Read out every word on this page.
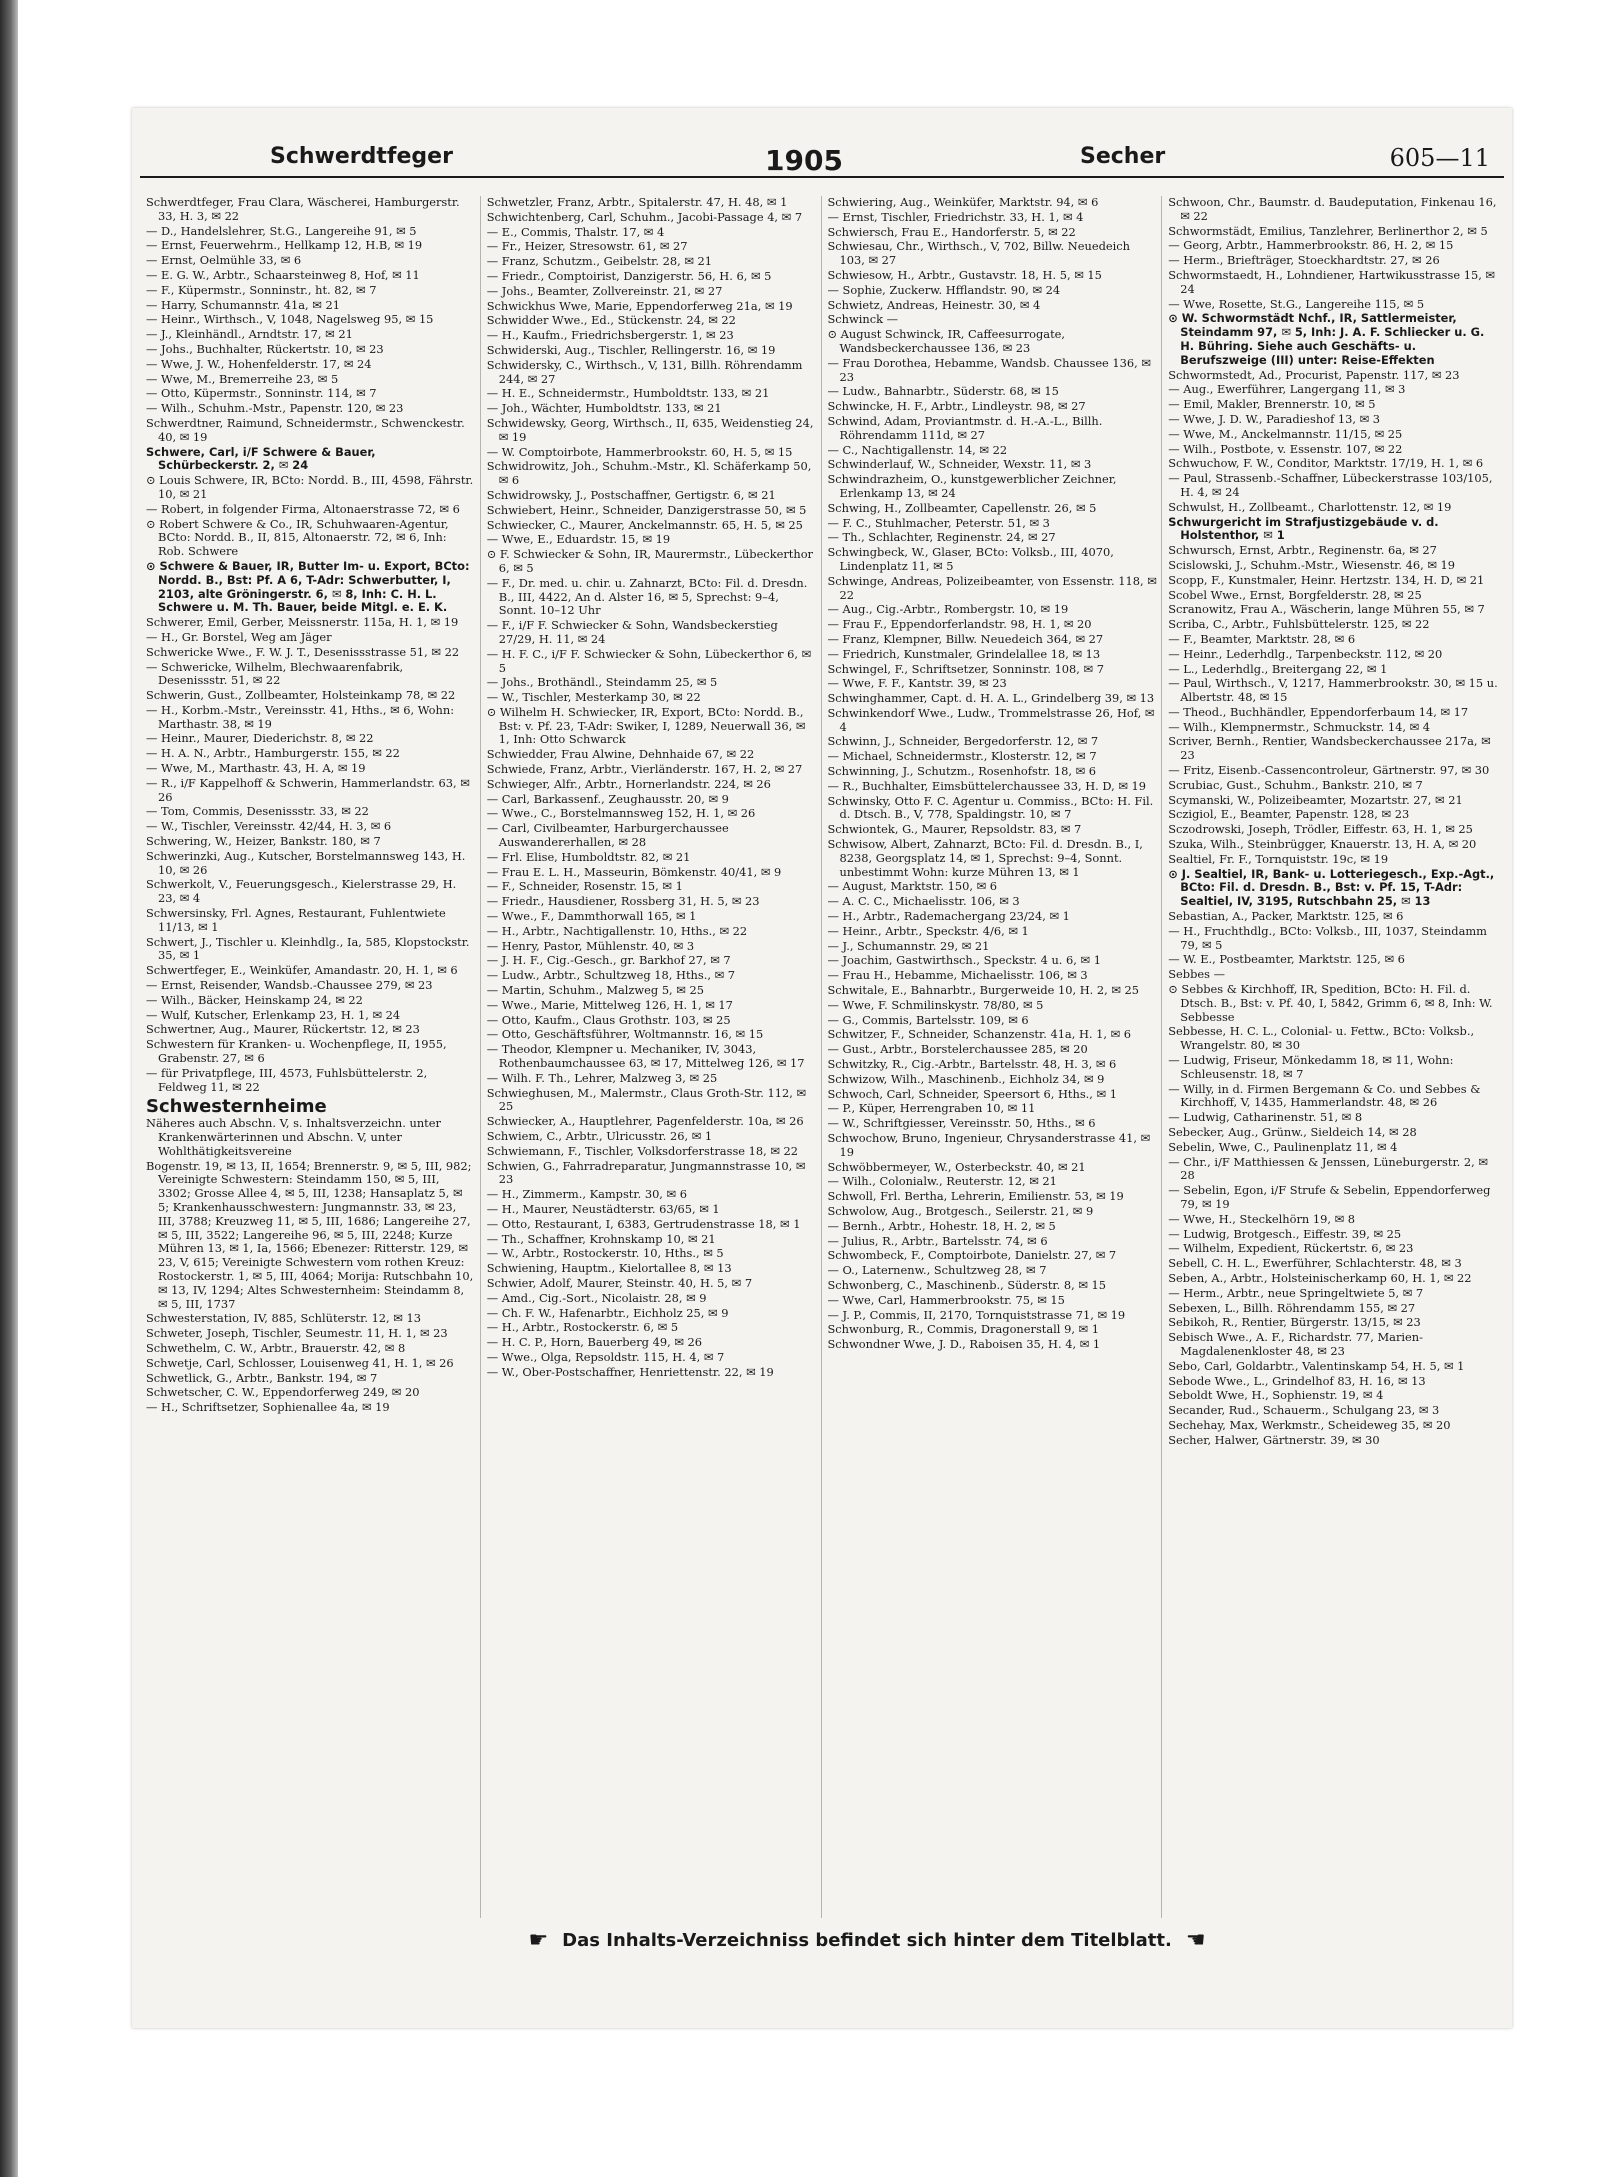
Schwerdtfeger	1905	Secher	605—11
Schwerdtfeger, Frau Clara, Wäscherei, Hamburgerstr. 33, H. 3, ✉ 22
— D., Handelslehrer, St.G., Langereihe 91, ✉ 5
— Ernst, Feuerwehrm., Hellkamp 12, H.B, ✉ 19
— Ernst, Oelmühle 33, ✉ 6
— E. G. W., Arbtr., Schaarsteinweg 8, Hof, ✉ 11
— F., Küpermstr., Sonninstr., ht. 82, ✉ 7
— Harry, Schumannstr. 41a, ✉ 21
— Heinr., Wirthsch., V, 1048, Nagelsweg 95, ✉ 15
— J., Kleinhändl., Arndtstr. 17, ✉ 21
— Johs., Buchhalter, Rückertstr. 10, ✉ 23
— Wwe, J. W., Hohenfelderstr. 17, ✉ 24
— Wwe, M., Bremerreihe 23, ✉ 5
— Otto, Küpermstr., Sonninstr. 114, ✉ 7
— Wilh., Schuhm.-Mstr., Papenstr. 120, ✉ 23
Schwerdtner, Raimund, Schneidermstr., Schwenckestr. 40, ✉ 19
Schwere, Carl, i/F Schwere & Bauer, Schürbeckerstr. 2, ✉ 24
⊙ Louis Schwere, IR, BCto: Nordd. B., III, 4598, Fährstr. 10, ✉ 21
— Robert, in folgender Firma, Altonaerstrasse 72, ✉ 6
⊙ Robert Schwere & Co., IR, Schuhwaaren-Agentur, BCto: Nordd. B., II, 815, Altonaerstr. 72, ✉ 6, Inh: Rob. Schwere
⊙ Schwere & Bauer, IR, Butter Im- u. Export, BCto: Nordd. B., Bst: Pf. A 6, T-Adr: Schwerbutter, I, 2103, alte Gröningerstr. 6, ✉ 8, Inh: C. H. L. Schwere u. M. Th. Bauer, beide Mitgl. e. E. K.
Schwerer, Emil, Gerber, Meissnerstr. 115a, H. 1, ✉ 19
— H., Gr. Borstel, Weg am Jäger
Schwericke Wwe., F. W. J. T., Desenissstrasse 51, ✉ 22
— Schwericke, Wilhelm, Blechwaarenfabrik, Desenissstr. 51, ✉ 22
Schwerin, Gust., Zollbeamter, Holsteinkamp 78, ✉ 22
— H., Korbm.-Mstr., Vereinsstr. 41, Hths., ✉ 6, Wohn: Marthastr. 38, ✉ 19
— Heinr., Maurer, Diederichstr. 8, ✉ 22
— H. A. N., Arbtr., Hamburgerstr. 155, ✉ 22
— Wwe, M., Marthastr. 43, H. A, ✉ 19
— R., i/F Kappelhoff & Schwerin, Hammerlandstr. 63, ✉ 26
— Tom, Commis, Desenissstr. 33, ✉ 22
— W., Tischler, Vereinsstr. 42/44, H. 3, ✉ 6
Schwering, W., Heizer, Bankstr. 180, ✉ 7
Schwerinzki, Aug., Kutscher, Borstelmannsweg 143, H. 10, ✉ 26
Schwerkolt, V., Feuerungsgesch., Kielerstrasse 29, H. 23, ✉ 4
Schwersinsky, Frl. Agnes, Restaurant, Fuhlentwiete 11/13, ✉ 1
Schwert, J., Tischler u. Kleinhdlg., Ia, 585, Klopstockstr. 35, ✉ 1
Schwertfeger, E., Weinküfer, Amandastr. 20, H. 1, ✉ 6
— Ernst, Reisender, Wandsb.-Chaussee 279, ✉ 23
— Wilh., Bäcker, Heinskamp 24, ✉ 22
— Wulf, Kutscher, Erlenkamp 23, H. 1, ✉ 24
Schwertner, Aug., Maurer, Rückertstr. 12, ✉ 23
Schwestern für Kranken- u. Wochenpflege, II, 1955, Grabenstr. 27, ✉ 6
— für Privatpflege, III, 4573, Fuhlsbüttelerstr. 2, Feldweg 11, ✉ 22
Schwesternheime
Näheres auch Abschn. V, s. Inhaltsverzeichn. unter Krankenwärterinnen und Abschn. V, unter Wohlthätigkeitsvereine
Bogenstr. 19, ✉ 13, II, 1654; Brennerstr. 9, ✉ 5, III, 982; Vereinigte Schwestern: Steindamm 150, ✉ 5, III, 3302; Grosse Allee 4, ✉ 5, III, 1238; Hansaplatz 5, ✉ 5; Krankenhausschwestern: Jungmannstr. 33, ✉ 23, III, 3788; Kreuzweg 11, ✉ 5, III, 1686; Langereihe 27, ✉ 5, III, 3522; Langereihe 96, ✉ 5, III, 2248; Kurze Mühren 13, ✉ 1, Ia, 1566; Ebenezer: Ritterstr. 129, ✉ 23, V, 615; Vereinigte Schwestern vom rothen Kreuz: Rostockerstr. 1, ✉ 5, III, 4064; Morija: Rutschbahn 10, ✉ 13, IV, 1294; Altes Schwesternheim: Steindamm 8, ✉ 5, III, 1737
Schwesterstation, IV, 885, Schlüterstr. 12, ✉ 13
Schweter, Joseph, Tischler, Seumestr. 11, H. 1, ✉ 23
Schwethelm, C. W., Arbtr., Brauerstr. 42, ✉ 8
Schwetje, Carl, Schlosser, Louisenweg 41, H. 1, ✉ 26
Schwetlick, G., Arbtr., Bankstr. 194, ✉ 7
Schwetscher, C. W., Eppendorferweg 249, ✉ 20
— H., Schriftsetzer, Sophienallee 4a, ✉ 19
Schwetzler, Franz, Arbtr., Spitalerstr. 47, H. 48, ✉ 1
Schwichtenberg, Carl, Schuhm., Jacobi-Passage 4, ✉ 7
— E., Commis, Thalstr. 17, ✉ 4
— Fr., Heizer, Stresowstr. 61, ✉ 27
— Franz, Schutzm., Geibelstr. 28, ✉ 21
— Friedr., Comptoirist, Danzigerstr. 56, H. 6, ✉ 5
— Johs., Beamter, Zollvereinstr. 21, ✉ 27
Schwickhus Wwe, Marie, Eppendorferweg 21a, ✉ 19
Schwidder Wwe., Ed., Stückenstr. 24, ✉ 22
— H., Kaufm., Friedrichsbergerstr. 1, ✉ 23
Schwiderski, Aug., Tischler, Rellingerstr. 16, ✉ 19
Schwidersky, C., Wirthsch., V, 131, Billh. Röhrendamm 244, ✉ 27
— H. E., Schneidermstr., Humboldtstr. 133, ✉ 21
— Joh., Wächter, Humboldtstr. 133, ✉ 21
Schwidewsky, Georg, Wirthsch., II, 635, Weidenstieg 24, ✉ 19
— W. Comptoirbote, Hammerbrookstr. 60, H. 5, ✉ 15
Schwidrowitz, Joh., Schuhm.-Mstr., Kl. Schäferkamp 50, ✉ 6
Schwidrowsky, J., Postschaffner, Gertigstr. 6, ✉ 21
Schwiebert, Heinr., Schneider, Danzigerstrasse 50, ✉ 5
Schwiecker, C., Maurer, Anckelmannstr. 65, H. 5, ✉ 25
— Wwe, E., Eduardstr. 15, ✉ 19
⊙ F. Schwiecker & Sohn, IR, Maurermstr., Lübeckerthor 6, ✉ 5
— F., Dr. med. u. chir. u. Zahnarzt, BCto: Fil. d. Dresdn. B., III, 4422, An d. Alster 16, ✉ 5, Sprechst: 9–4, Sonnt. 10–12 Uhr
— F., i/F F. Schwiecker & Sohn, Wandsbeckerstieg 27/29, H. 11, ✉ 24
— H. F. C., i/F F. Schwiecker & Sohn, Lübeckerthor 6, ✉ 5
— Johs., Brothändl., Steindamm 25, ✉ 5
— W., Tischler, Mesterkamp 30, ✉ 22
⊙ Wilhelm H. Schwiecker, IR, Export, BCto: Nordd. B., Bst: v. Pf. 23, T-Adr: Swiker, I, 1289, Neuerwall 36, ✉ 1, Inh: Otto Schwarck
Schwiedder, Frau Alwine, Dehnhaide 67, ✉ 22
Schwiede, Franz, Arbtr., Vierländerstr. 167, H. 2, ✉ 27
Schwieger, Alfr., Arbtr., Hornerlandstr. 224, ✉ 26
— Carl, Barkassenf., Zeughausstr. 20, ✉ 9
— Wwe., C., Borstelmannsweg 152, H. 1, ✉ 26
— Carl, Civilbeamter, Harburgerchaussee Auswandererhallen, ✉ 28
— Frl. Elise, Humboldtstr. 82, ✉ 21
— Frau E. L. H., Masseurin, Bömkenstr. 40/41, ✉ 9
— F., Schneider, Rosenstr. 15, ✉ 1
— Friedr., Hausdiener, Rossberg 31, H. 5, ✉ 23
— Wwe., F., Dammthorwall 165, ✉ 1
— H., Arbtr., Nachtigallenstr. 10, Hths., ✉ 22
— Henry, Pastor, Mühlenstr. 40, ✉ 3
— J. H. F., Cig.-Gesch., gr. Barkhof 27, ✉ 7
— Ludw., Arbtr., Schultzweg 18, Hths., ✉ 7
— Martin, Schuhm., Malzweg 5, ✉ 25
— Wwe., Marie, Mittelweg 126, H. 1, ✉ 17
— Otto, Kaufm., Claus Grothstr. 103, ✉ 25
— Otto, Geschäftsführer, Woltmannstr. 16, ✉ 15
— Theodor, Klempner u. Mechaniker, IV, 3043, Rothenbaumchaussee 63, ✉ 17, Mittelweg 126, ✉ 17
— Wilh. F. Th., Lehrer, Malzweg 3, ✉ 25
Schwieghusen, M., Malermstr., Claus Groth-Str. 112, ✉ 25
Schwiecker, A., Hauptlehrer, Pagenfelderstr. 10a, ✉ 26
Schwiem, C., Arbtr., Ulricusstr. 26, ✉ 1
Schwiemann, F., Tischler, Volksdorferstrasse 18, ✉ 22
Schwien, G., Fahrradreparatur, Jungmannstrasse 10, ✉ 23
— H., Zimmerm., Kampstr. 30, ✉ 6
— H., Maurer, Neustädterstr. 63/65, ✉ 1
— Otto, Restaurant, I, 6383, Gertrudenstrasse 18, ✉ 1
— Th., Schaffner, Krohnskamp 10, ✉ 21
— W., Arbtr., Rostockerstr. 10, Hths., ✉ 5
Schwiening, Hauptm., Kielortallee 8, ✉ 13
Schwier, Adolf, Maurer, Steinstr. 40, H. 5, ✉ 7
— Amd., Cig.-Sort., Nicolaistr. 28, ✉ 9
— Ch. F. W., Hafenarbtr., Eichholz 25, ✉ 9
— H., Arbtr., Rostockerstr. 6, ✉ 5
— H. C. P., Horn, Bauerberg 49, ✉ 26
— Wwe., Olga, Repsoldstr. 115, H. 4, ✉ 7
— W., Ober-Postschaffner, Henriettenstr. 22, ✉ 19
Schwiering, Aug., Weinküfer, Marktstr. 94, ✉ 6
— Ernst, Tischler, Friedrichstr. 33, H. 1, ✉ 4
Schwiersch, Frau E., Handorferstr. 5, ✉ 22
Schwiesau, Chr., Wirthsch., V, 702, Billw. Neuedeich 103, ✉ 27
Schwiesow, H., Arbtr., Gustavstr. 18, H. 5, ✉ 15
— Sophie, Zuckerw. Hfflandstr. 90, ✉ 24
Schwietz, Andreas, Heinestr. 30, ✉ 4
Schwinck —
⊙ August Schwinck, IR, Caffeesurrogate, Wandsbeckerchaussee 136, ✉ 23
— Frau Dorothea, Hebamme, Wandsb. Chaussee 136, ✉ 23
— Ludw., Bahnarbtr., Süderstr. 68, ✉ 15
Schwincke, H. F., Arbtr., Lindleystr. 98, ✉ 27
Schwind, Adam, Proviantmstr. d. H.-A.-L., Billh. Röhrendamm 111d, ✉ 27
— C., Nachtigallenstr. 14, ✉ 22
Schwinderlauf, W., Schneider, Wexstr. 11, ✉ 3
Schwindrazheim, O., kunstgewerblicher Zeichner, Erlenkamp 13, ✉ 24
Schwing, H., Zollbeamter, Capellenstr. 26, ✉ 5
— F. C., Stuhlmacher, Peterstr. 51, ✉ 3
— Th., Schlachter, Reginenstr. 24, ✉ 27
Schwingbeck, W., Glaser, BCto: Volksb., III, 4070, Lindenplatz 11, ✉ 5
Schwinge, Andreas, Polizeibeamter, von Essenstr. 118, ✉ 22
— Aug., Cig.-Arbtr., Rombergstr. 10, ✉ 19
— Frau F., Eppendorferlandstr. 98, H. 1, ✉ 20
— Franz, Klempner, Billw. Neuedeich 364, ✉ 27
— Friedrich, Kunstmaler, Grindelallee 18, ✉ 13
Schwingel, F., Schriftsetzer, Sonninstr. 108, ✉ 7
— Wwe, F. F., Kantstr. 39, ✉ 23
Schwinghammer, Capt. d. H. A. L., Grindelberg 39, ✉ 13
Schwinkendorf Wwe., Ludw., Trommelstrasse 26, Hof, ✉ 4
Schwinn, J., Schneider, Bergedorferstr. 12, ✉ 7
— Michael, Schneidermstr., Klosterstr. 12, ✉ 7
Schwinning, J., Schutzm., Rosenhofstr. 18, ✉ 6
— R., Buchhalter, Eimsbüttelerchaussee 33, H. D, ✉ 19
Schwinsky, Otto F. C. Agentur u. Commiss., BCto: H. Fil. d. Dtsch. B., V, 778, Spaldingstr. 10, ✉ 7
Schwiontek, G., Maurer, Repsoldstr. 83, ✉ 7
Schwisow, Albert, Zahnarzt, BCto: Fil. d. Dresdn. B., I, 8238, Georgsplatz 14, ✉ 1, Sprechst: 9–4, Sonnt. unbestimmt Wohn: kurze Mühren 13, ✉ 1
— August, Marktstr. 150, ✉ 6
— A. C. C., Michaelisstr. 106, ✉ 3
— H., Arbtr., Rademachergang 23/24, ✉ 1
— Heinr., Arbtr., Speckstr. 4/6, ✉ 1
— J., Schumannstr. 29, ✉ 21
— Joachim, Gastwirthsch., Speckstr. 4 u. 6, ✉ 1
— Frau H., Hebamme, Michaelisstr. 106, ✉ 3
Schwitale, E., Bahnarbtr., Burgerweide 10, H. 2, ✉ 25
— Wwe, F. Schmilinskystr. 78/80, ✉ 5
— G., Commis, Bartelsstr. 109, ✉ 6
Schwitzer, F., Schneider, Schanzenstr. 41a, H. 1, ✉ 6
— Gust., Arbtr., Borstelerchaussee 285, ✉ 20
Schwitzky, R., Cig.-Arbtr., Bartelsstr. 48, H. 3, ✉ 6
Schwizow, Wilh., Maschinenb., Eichholz 34, ✉ 9
Schwoch, Carl, Schneider, Speersort 6, Hths., ✉ 1
— P., Küper, Herrengraben 10, ✉ 11
— W., Schriftgiesser, Vereinsstr. 50, Hths., ✉ 6
Schwochow, Bruno, Ingenieur, Chrysanderstrasse 41, ✉ 19
Schwöbbermeyer, W., Osterbeckstr. 40, ✉ 21
— Wilh., Colonialw., Reuterstr. 12, ✉ 21
Schwoll, Frl. Bertha, Lehrerin, Emilienstr. 53, ✉ 19
Schwolow, Aug., Brotgesch., Seilerstr. 21, ✉ 9
— Bernh., Arbtr., Hohestr. 18, H. 2, ✉ 5
— Julius, R., Arbtr., Bartelsstr. 74, ✉ 6
Schwombeck, F., Comptoirbote, Danielstr. 27, ✉ 7
— O., Laternenw., Schultzweg 28, ✉ 7
Schwonberg, C., Maschinenb., Süderstr. 8, ✉ 15
— Wwe, Carl, Hammerbrookstr. 75, ✉ 15
— J. P., Commis, II, 2170, Tornquiststrasse 71, ✉ 19
Schwonburg, R., Commis, Dragonerstall 9, ✉ 1
Schwondner Wwe, J. D., Raboisen 35, H. 4, ✉ 1
Schwoon, Chr., Baumstr. d. Baudeputation, Finkenau 16, ✉ 22
Schwormstädt, Emilius, Tanzlehrer, Berlinerthor 2, ✉ 5
— Georg, Arbtr., Hammerbrookstr. 86, H. 2, ✉ 15
— Herm., Briefträger, Stoeckhardtstr. 27, ✉ 26
Schwormstaedt, H., Lohndiener, Hartwikusstrasse 15, ✉ 24
— Wwe, Rosette, St.G., Langereihe 115, ✉ 5
⊙ W. Schwormstädt Nchf., IR, Sattlermeister, Steindamm 97, ✉ 5, Inh: J. A. F. Schliecker u. G. H. Bühring. Siehe auch Geschäfts- u. Berufszweige (III) unter: Reise-Effekten
Schwormstedt, Ad., Procurist, Papenstr. 117, ✉ 23
— Aug., Ewerführer, Langergang 11, ✉ 3
— Emil, Makler, Brennerstr. 10, ✉ 5
— Wwe, J. D. W., Paradieshof 13, ✉ 3
— Wwe, M., Anckelmannstr. 11/15, ✉ 25
— Wilh., Postbote, v. Essenstr. 107, ✉ 22
Schwuchow, F. W., Conditor, Marktstr. 17/19, H. 1, ✉ 6
— Paul, Strassenb.-Schaffner, Lübeckerstrasse 103/105, H. 4, ✉ 24
Schwulst, H., Zollbeamt., Charlottenstr. 12, ✉ 19
Schwurgericht im Strafjustizgebäude v. d. Holstenthor, ✉ 1
Schwursch, Ernst, Arbtr., Reginenstr. 6a, ✉ 27
Scislowski, J., Schuhm.-Mstr., Wiesenstr. 46, ✉ 19
Scopp, F., Kunstmaler, Heinr. Hertzstr. 134, H. D, ✉ 21
Scobel Wwe., Ernst, Borgfelderstr. 28, ✉ 25
Scranowitz, Frau A., Wäscherin, lange Mühren 55, ✉ 7
Scriba, C., Arbtr., Fuhlsbüttelerstr. 125, ✉ 22
— F., Beamter, Marktstr. 28, ✉ 6
— Heinr., Lederhdlg., Tarpenbeckstr. 112, ✉ 20
— L., Lederhdlg., Breitergang 22, ✉ 1
— Paul, Wirthsch., V, 1217, Hammerbrookstr. 30, ✉ 15 u. Albertstr. 48, ✉ 15
— Theod., Buchhändler, Eppendorferbaum 14, ✉ 17
— Wilh., Klempnermstr., Schmuckstr. 14, ✉ 4
Scriver, Bernh., Rentier, Wandsbeckerchaussee 217a, ✉ 23
— Fritz, Eisenb.-Cassencontroleur, Gärtnerstr. 97, ✉ 30
Scrubiac, Gust., Schuhm., Bankstr. 210, ✉ 7
Scymanski, W., Polizeibeamter, Mozartstr. 27, ✉ 21
Sczigiol, E., Beamter, Papenstr. 128, ✉ 23
Sczodrowski, Joseph, Trödler, Eiffestr. 63, H. 1, ✉ 25
Szuka, Wilh., Steinbrügger, Knauerstr. 13, H. A, ✉ 20
Sealtiel, Fr. F., Tornquiststr. 19c, ✉ 19
⊙ J. Sealtiel, IR, Bank- u. Lotteriegesch., Exp.-Agt., BCto: Fil. d. Dresdn. B., Bst: v. Pf. 15, T-Adr: Sealtiel, IV, 3195, Rutschbahn 25, ✉ 13
Sebastian, A., Packer, Marktstr. 125, ✉ 6
— H., Fruchthdlg., BCto: Volksb., III, 1037, Steindamm 79, ✉ 5
— W. E., Postbeamter, Marktstr. 125, ✉ 6
Sebbes —
⊙ Sebbes & Kirchhoff, IR, Spedition, BCto: H. Fil. d. Dtsch. B., Bst: v. Pf. 40, I, 5842, Grimm 6, ✉ 8, Inh: W. Sebbesse
Sebbesse, H. C. L., Colonial- u. Fettw., BCto: Volksb., Wrangelstr. 80, ✉ 30
— Ludwig, Friseur, Mönkedamm 18, ✉ 11, Wohn: Schleusenstr. 18, ✉ 7
— Willy, in d. Firmen Bergemann & Co. und Sebbes & Kirchhoff, V, 1435, Hammerlandstr. 48, ✉ 26
— Ludwig, Catharinenstr. 51, ✉ 8
Sebecker, Aug., Grünw., Sieldeich 14, ✉ 28
Sebelin, Wwe, C., Paulinenplatz 11, ✉ 4
— Chr., i/F Matthiessen & Jenssen, Lüneburgerstr. 2, ✉ 28
— Sebelin, Egon, i/F Strufe & Sebelin, Eppendorferweg 79, ✉ 19
— Wwe, H., Steckelhörn 19, ✉ 8
— Ludwig, Brotgesch., Eiffestr. 39, ✉ 25
— Wilhelm, Expedient, Rückertstr. 6, ✉ 23
Sebell, C. H. L., Ewerführer, Schlachterstr. 48, ✉ 3
Seben, A., Arbtr., Holsteinischerkamp 60, H. 1, ✉ 22
— Herm., Arbtr., neue Springeltwiete 5, ✉ 7
Sebexen, L., Billh. Röhrendamm 155, ✉ 27
Sebikoh, R., Rentier, Bürgerstr. 13/15, ✉ 23
Sebisch Wwe., A. F., Richardstr. 77, Marien-Magdalenenkloster 48, ✉ 23
Sebo, Carl, Goldarbtr., Valentinskamp 54, H. 5, ✉ 1
Sebode Wwe., L., Grindelhof 83, H. 16, ✉ 13
Seboldt Wwe, H., Sophienstr. 19, ✉ 4
Secander, Rud., Schauerm., Schulgang 23, ✉ 3
Sechehay, Max, Werkmstr., Scheideweg 35, ✉ 20
Secher, Halwer, Gärtnerstr. 39, ✉ 30
☛ Das Inhalts-Verzeichniss befindet sich hinter dem Titelblatt. ☚
